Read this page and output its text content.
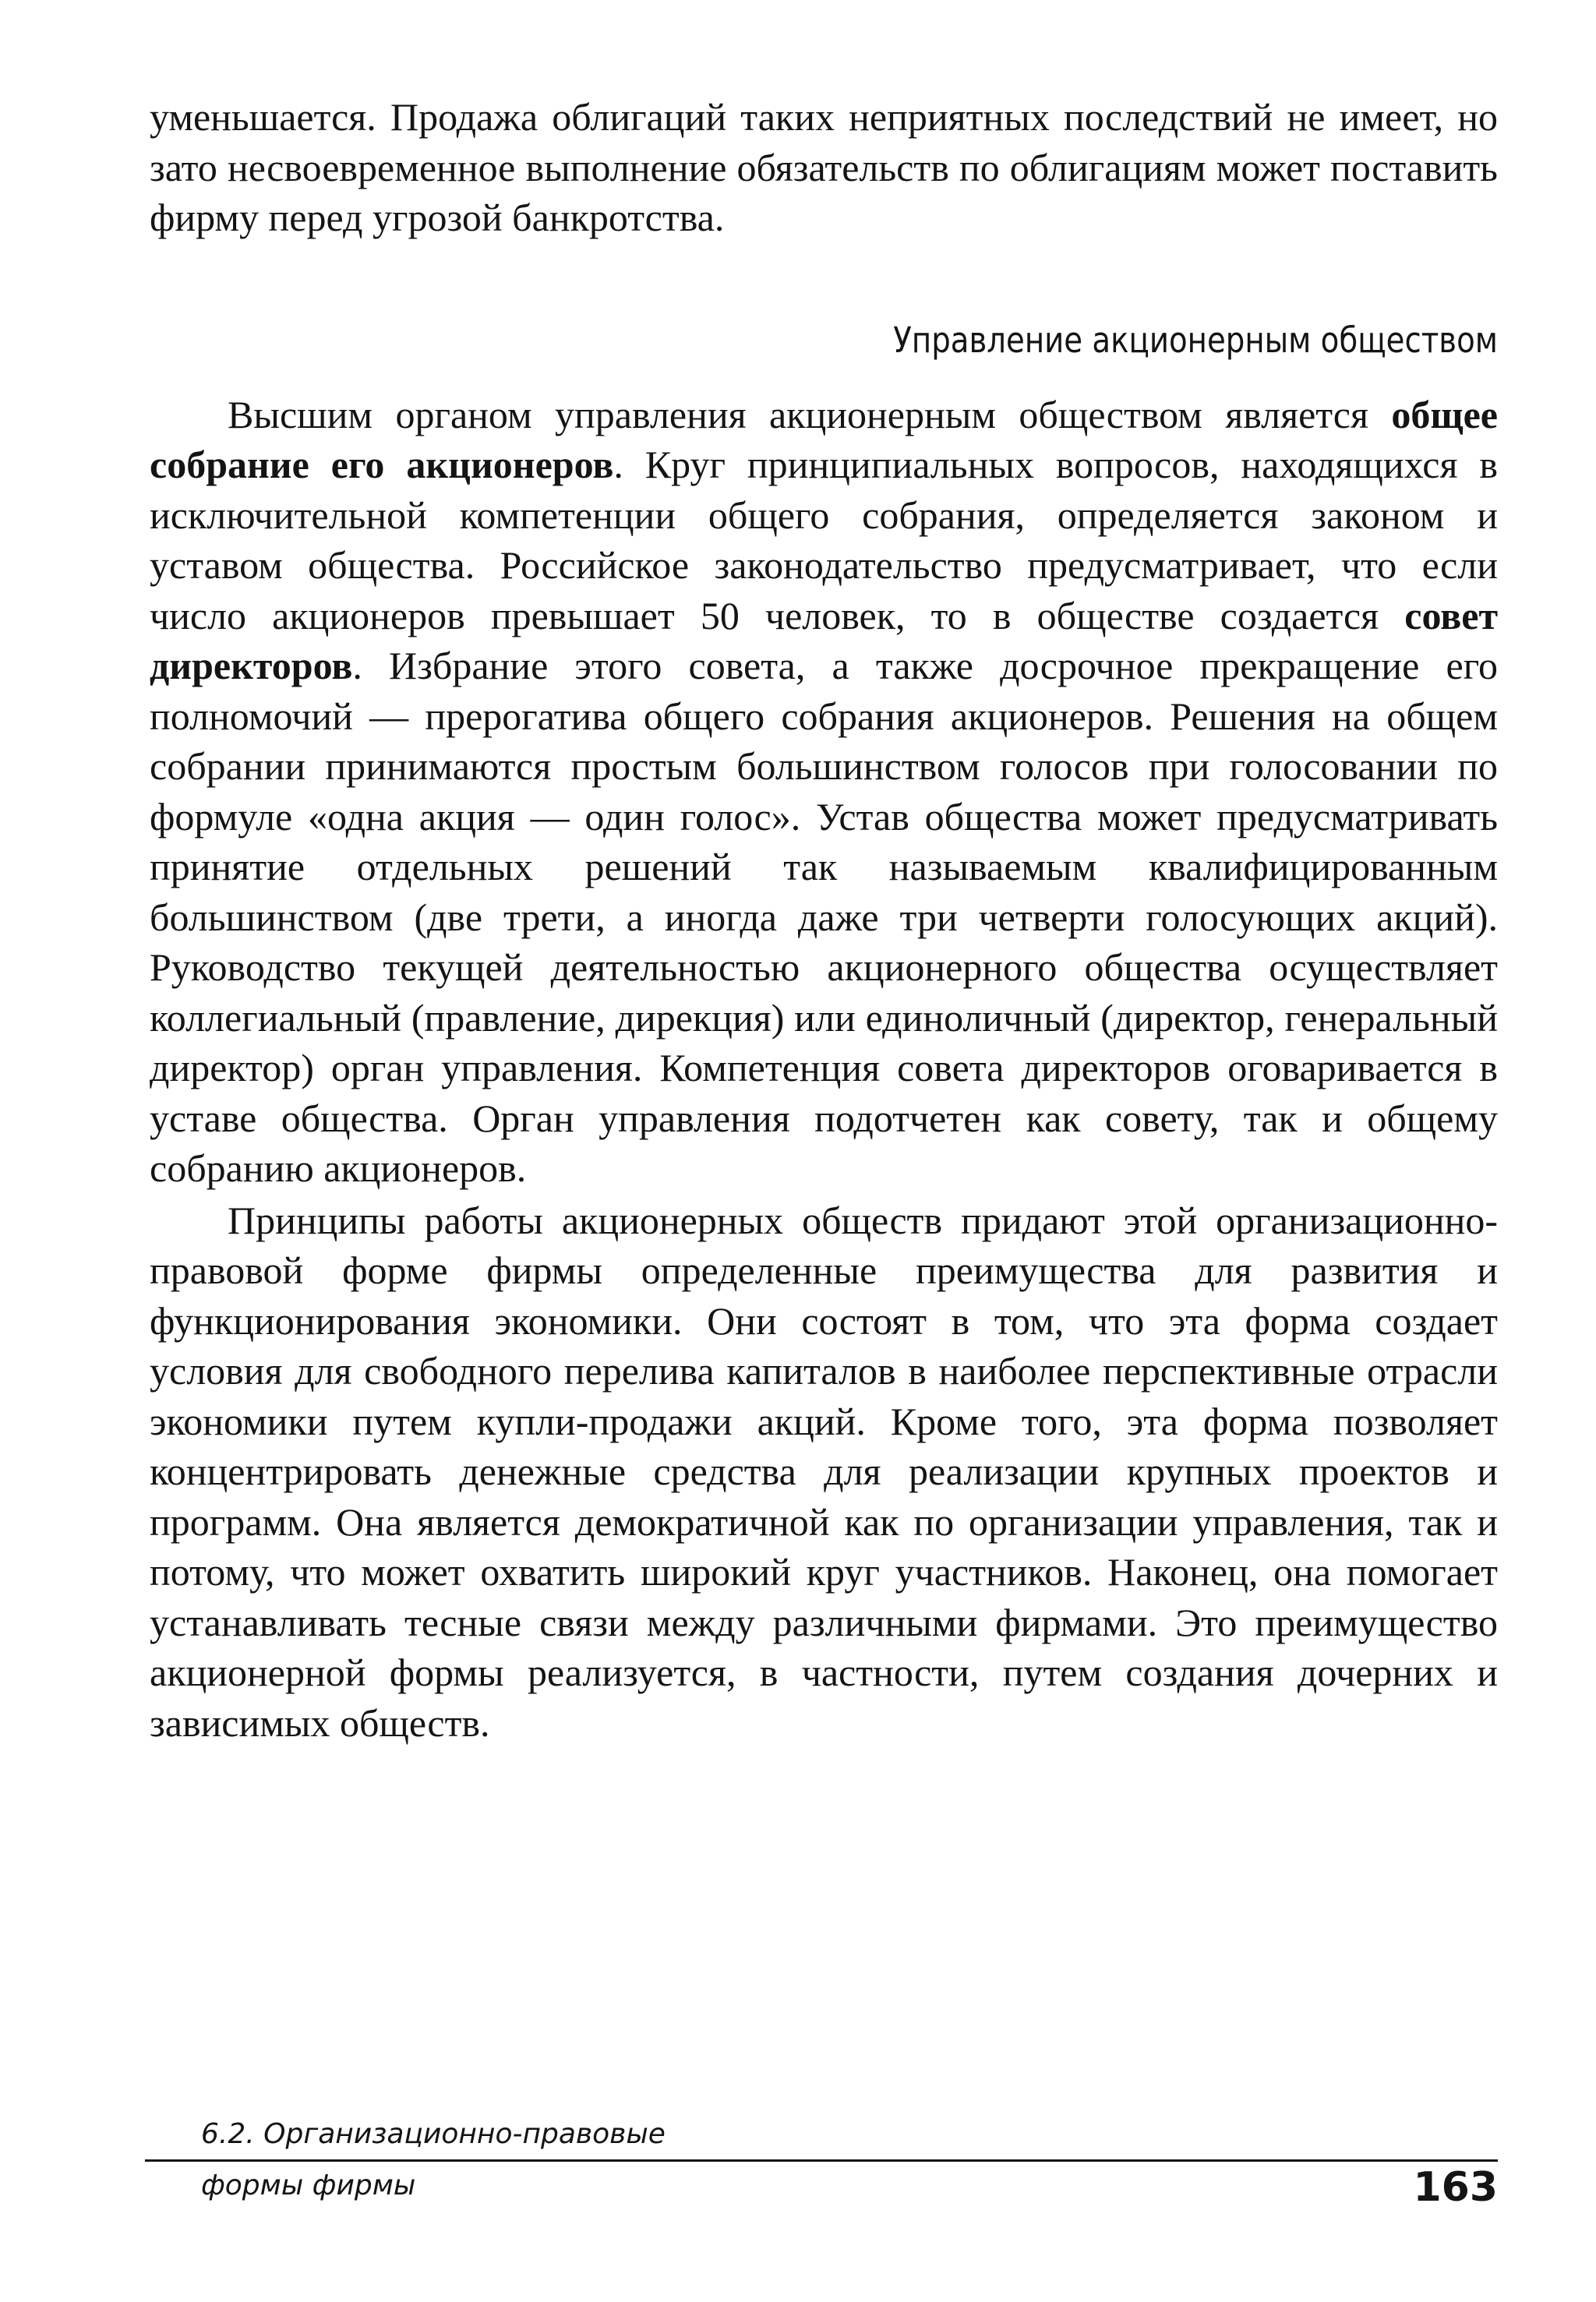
уменьшается. Продажа облигаций таких неприятных последствий не имеет, но зато несвоевременное выполнение обязательств по облигациям может поставить фирму перед угрозой банкротства.

Управление акционерным обществом

Высшим органом управления акционерным обществом является общее собрание его акционеров. Круг принципиальных вопросов, находящихся в исключительной компетенции общего собрания, определяется законом и уставом общества. Российское законодательство предусматривает, что если число акционеров превышает 50 человек, то в обществе создается совет директоров. Избрание этого совета, а также досрочное прекращение его полномочий — прерогатива общего собрания акционеров. Решения на общем собрании принимаются простым большинством голосов при голосовании по формуле «одна акция — один голос». Устав общества может предусматривать принятие отдельных решений так называемым квалифицированным большинством (две трети, а иногда даже три четверти голосующих акций). Руководство текущей деятельностью акционерного общества осуществляет коллегиальный (правление, дирекция) или единоличный (директор, генеральный директор) орган управления. Компетенция совета директоров оговаривается в уставе общества. Орган управления подотчетен как совету, так и общему собранию акционеров.

Принципы работы акционерных обществ придают этой организационно-правовой форме фирмы определенные преимущества для развития и функционирования экономики. Они состоят в том, что эта форма создает условия для свободного перелива капиталов в наиболее перспективные отрасли экономики путем купли-продажи акций. Кроме того, эта форма позволяет концентрировать денежные средства для реализации крупных проектов и программ. Она является демократичной как по организации управления, так и потому, что может охватить широкий круг участников. Наконец, она помогает устанавливать тесные связи между различными фирмами. Это преимущество акционерной формы реализуется, в частности, путем создания дочерних и зависимых обществ.

6.2. Организационно-правовые
формы фирмы	163
